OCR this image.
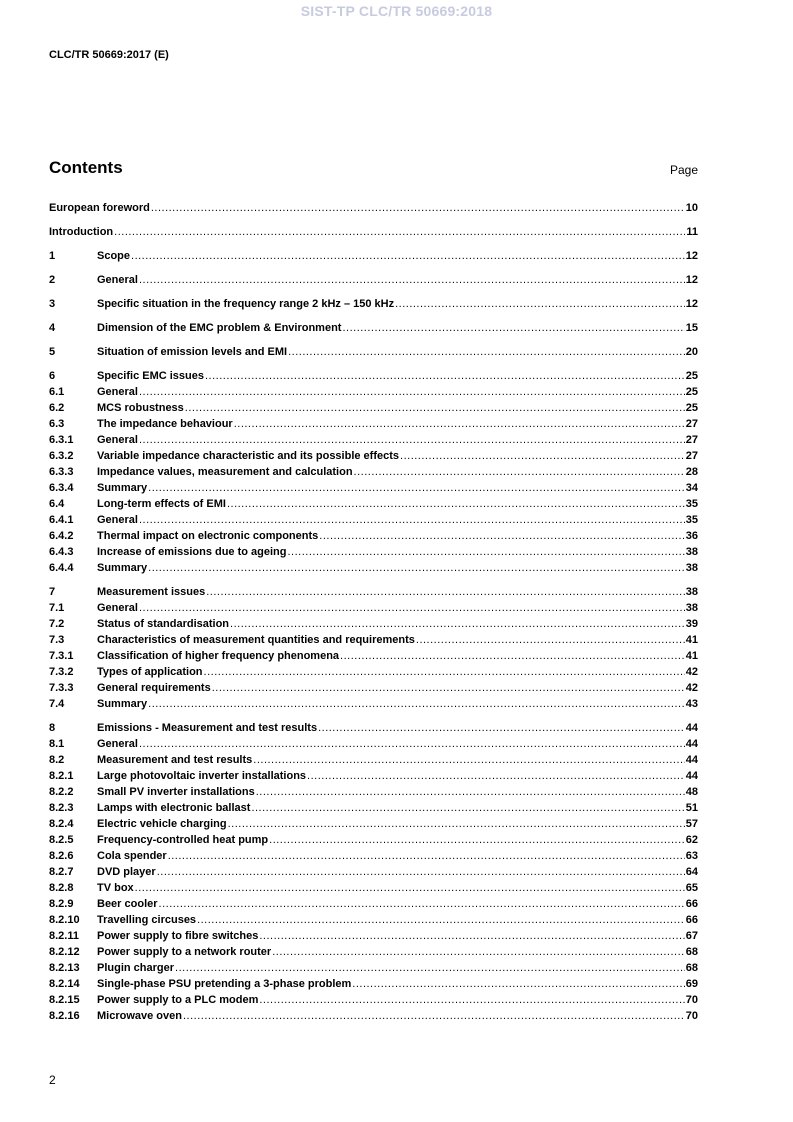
SIST-TP CLC/TR 50669:2018
CLC/TR 50669:2017 (E)
Contents	Page
European foreword .....	10
Introduction .....	11
1	Scope .....	12
2	General .....	12
3	Specific situation in the frequency range 2 kHz – 150 kHz .....	12
4	Dimension of the EMC problem & Environment .....	15
5	Situation of emission levels and EMI .....	20
6	Specific EMC issues .....	25
6.1	General .....	25
6.2	MCS robustness .....	25
6.3	The impedance behaviour .....	27
6.3.1	General .....	27
6.3.2	Variable impedance characteristic and its possible effects .....	27
6.3.3	Impedance values, measurement and calculation .....	28
6.3.4	Summary .....	34
6.4	Long-term effects of EMI .....	35
6.4.1	General .....	35
6.4.2	Thermal impact on electronic components .....	36
6.4.3	Increase of emissions due to ageing .....	38
6.4.4	Summary .....	38
7	Measurement issues .....	38
7.1	General .....	38
7.2	Status of standardisation .....	39
7.3	Characteristics of measurement quantities and requirements .....	41
7.3.1	Classification of higher frequency phenomena .....	41
7.3.2	Types of application .....	42
7.3.3	General requirements .....	42
7.4	Summary .....	43
8	Emissions - Measurement and test results .....	44
8.1	General .....	44
8.2	Measurement and test results .....	44
8.2.1	Large photovoltaic inverter installations .....	44
8.2.2	Small PV inverter installations .....	48
8.2.3	Lamps with electronic ballast .....	51
8.2.4	Electric vehicle charging .....	57
8.2.5	Frequency-controlled heat pump .....	62
8.2.6	Cola spender .....	63
8.2.7	DVD player .....	64
8.2.8	TV box .....	65
8.2.9	Beer cooler .....	66
8.2.10	Travelling circuses .....	66
8.2.11	Power supply to fibre switches .....	67
8.2.12	Power supply to a network router .....	68
8.2.13	Plugin charger .....	68
8.2.14	Single-phase PSU pretending a 3-phase problem .....	69
8.2.15	Power supply to a PLC modem .....	70
8.2.16	Microwave oven .....	70
2
